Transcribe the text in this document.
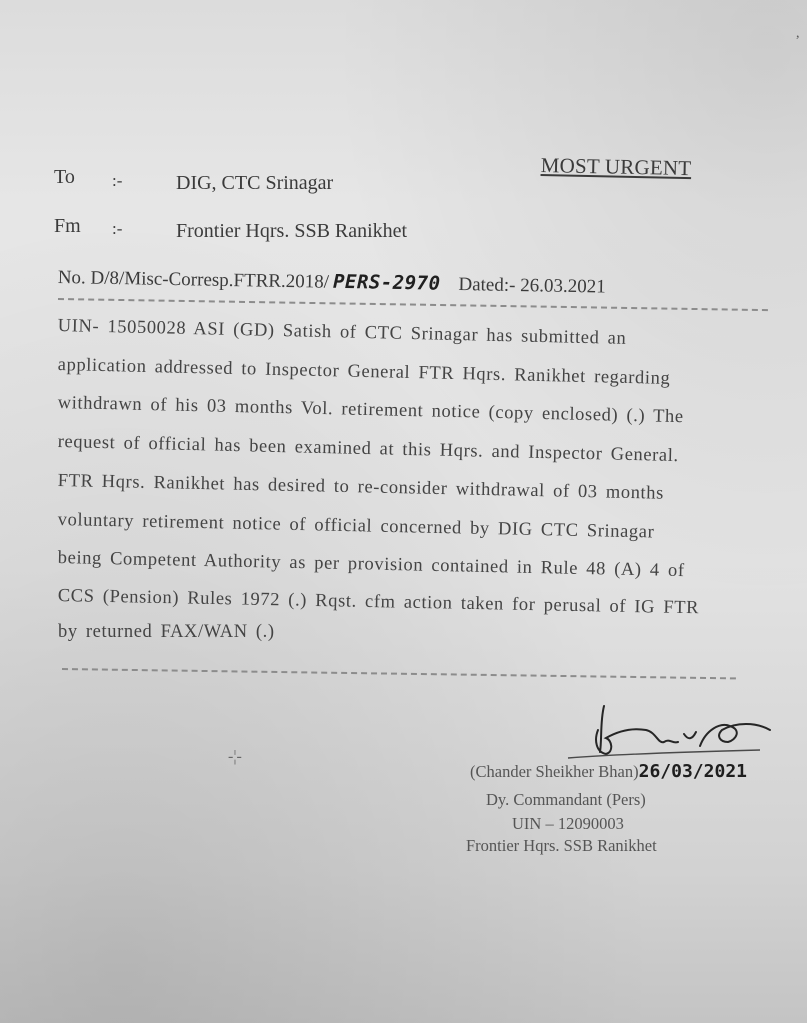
,
MOST URGENT
To :-	DIG, CTC Srinagar
Fm :-	Frontier Hqrs. SSB Ranikhet
No. D/8/Misc-Corresp.FTRR.2018/ PERS-2970 Dated:- 26.03.2021
UIN- 15050028 ASI (GD) Satish of CTC Srinagar has submitted an
application addressed to Inspector General FTR Hqrs. Ranikhet regarding
withdrawn of his 03 months Vol. retirement notice (copy enclosed) (.) The
request of official has been examined at this Hqrs. and Inspector General.
FTR Hqrs. Ranikhet has desired to re-consider withdrawal of 03 months
voluntary retirement notice of official concerned by DIG CTC Srinagar
being Competent Authority as per provision contained in Rule 48 (A) 4 of
CCS (Pension) Rules 1972 (.) Rqst. cfm action taken for perusal of IG FTR
by returned FAX/WAN (.)
-¦-
(Chander Sheikher Bhan)26/03/2021
Dy. Commandant (Pers)
UIN – 12090003
Frontier Hqrs. SSB Ranikhet
